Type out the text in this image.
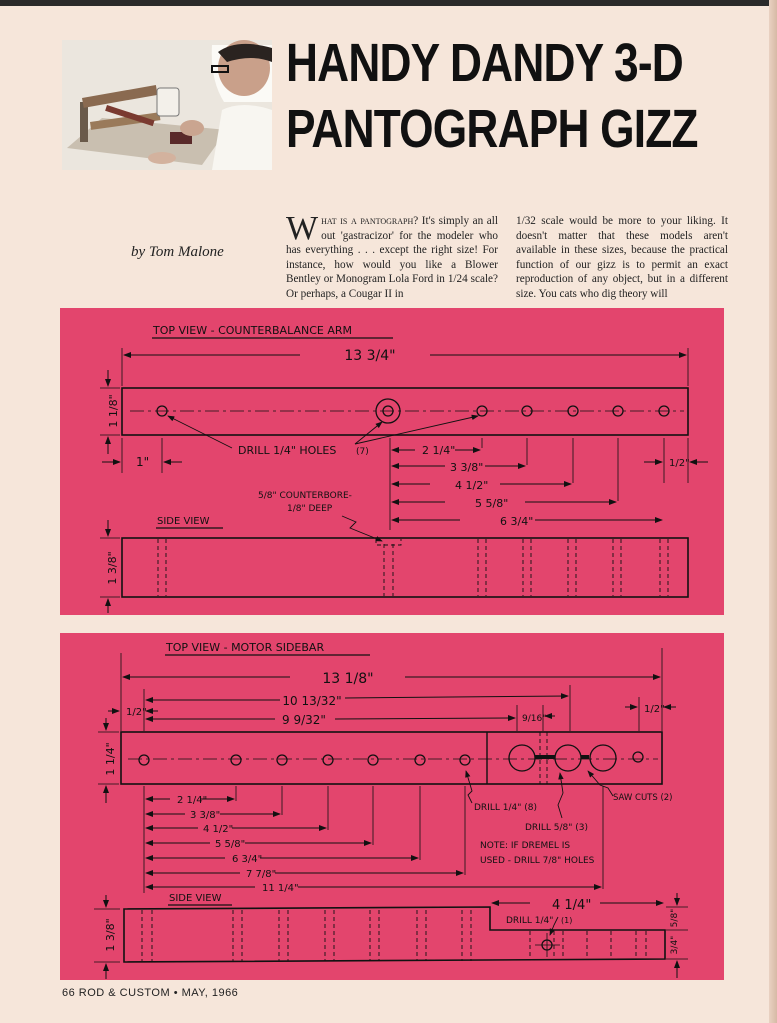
HANDY DANDY 3-D
PANTOGRAPH GIZZ
by Tom Malone
What is a pantograph? It's simply an all out 'gastracizor' for the modeler who has everything . . . except the right size! For instance, how would you like a Blower Bentley or Monogram Lola Ford in 1/24 scale? Or perhaps, a Cougar II in
1/32 scale would be more to your liking. It doesn't matter that these models aren't available in these sizes, because the practical function of our gizz is to permit an exact reproduction of any object, but in a different size. You cats who dig theory will
TOP VIEW - COUNTERBALANCE ARM
13 3/4"
1 1/8"
DRILL 1/4" HOLES (7)
1"	1/2"
2 1/4"
3 3/8"
4 1/2"
5 5/8"
6 3/4"
5/8" COUNTERBORE-
1/8" DEEP
SIDE VIEW
1 3/8"
TOP VIEW - MOTOR SIDEBAR
13 1/8"
10 13/32"
9 9/32"
1/2"
9/16"
1/2"
1 1/4"
2 1/4"
3 3/8"
4 1/2"
5 5/8"
6 3/4"
7 7/8"
11 1/4"
DRILL 1/4" (8)
DRILL 5/8" (3)
SAW CUTS (2)
NOTE: IF DREMEL IS
USED - DRILL 7/8" HOLES
SIDE VIEW	4 1/4"
DRILL 1/4" (1)	5/8"
3/4"
1 3/8"
66 ROD & CUSTOM • MAY, 1966
